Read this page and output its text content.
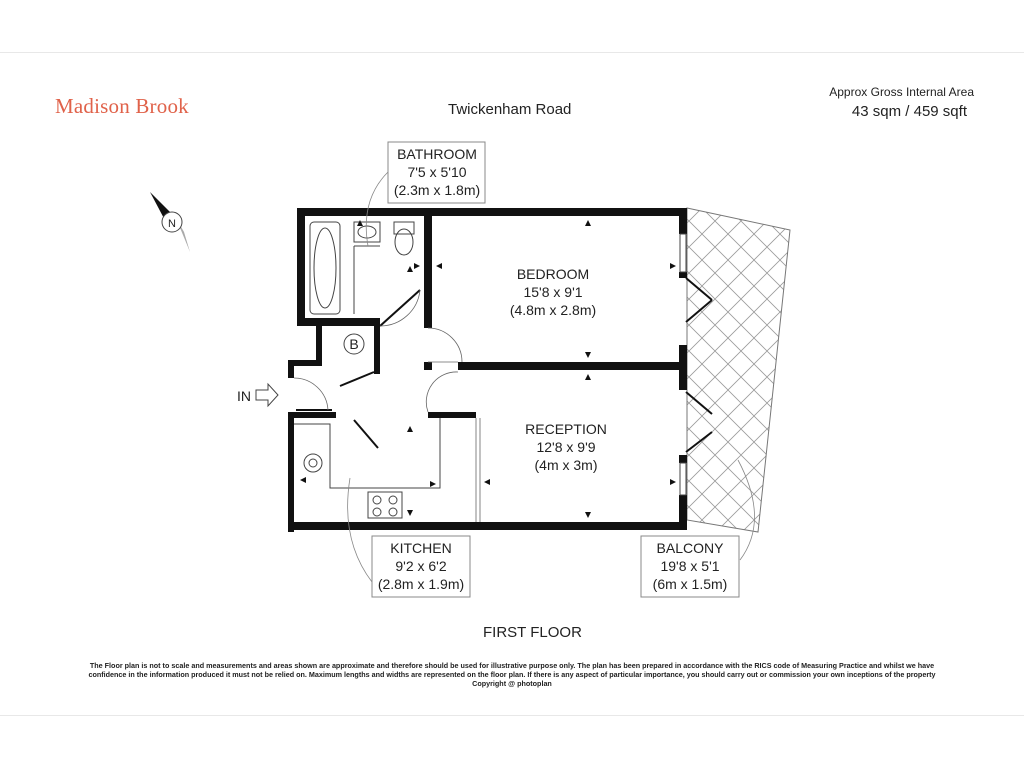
Madison Brook	Twickenham Road
Approx Gross Internal Area
43 sqm / 459 sqft
B
IN
N
BATHROOM
7'5 x 5'10
(2.3m x 1.8m)
BEDROOM
15'8 x 9'1
(4.8m x 2.8m)
RECEPTION
12'8 x 9'9
(4m x 3m)
KITCHEN
9'2 x 6'2
(2.8m x 1.9m)
BALCONY
19'8 x 5'1
(6m x 1.5m)
FIRST FLOOR
The Floor plan is not to scale and measurements and areas shown are approximate and therefore should be used for illustrative purpose only. The plan has been prepared in accordance with the RICS code of Measuring Practice and whilst we have
confidence in the information produced it must not be relied on. Maximum lengths and widths are represented on the floor plan. If there is any aspect of particular importance, you should carry out or commission your own inceptions of the property
Copyright @ photoplan
